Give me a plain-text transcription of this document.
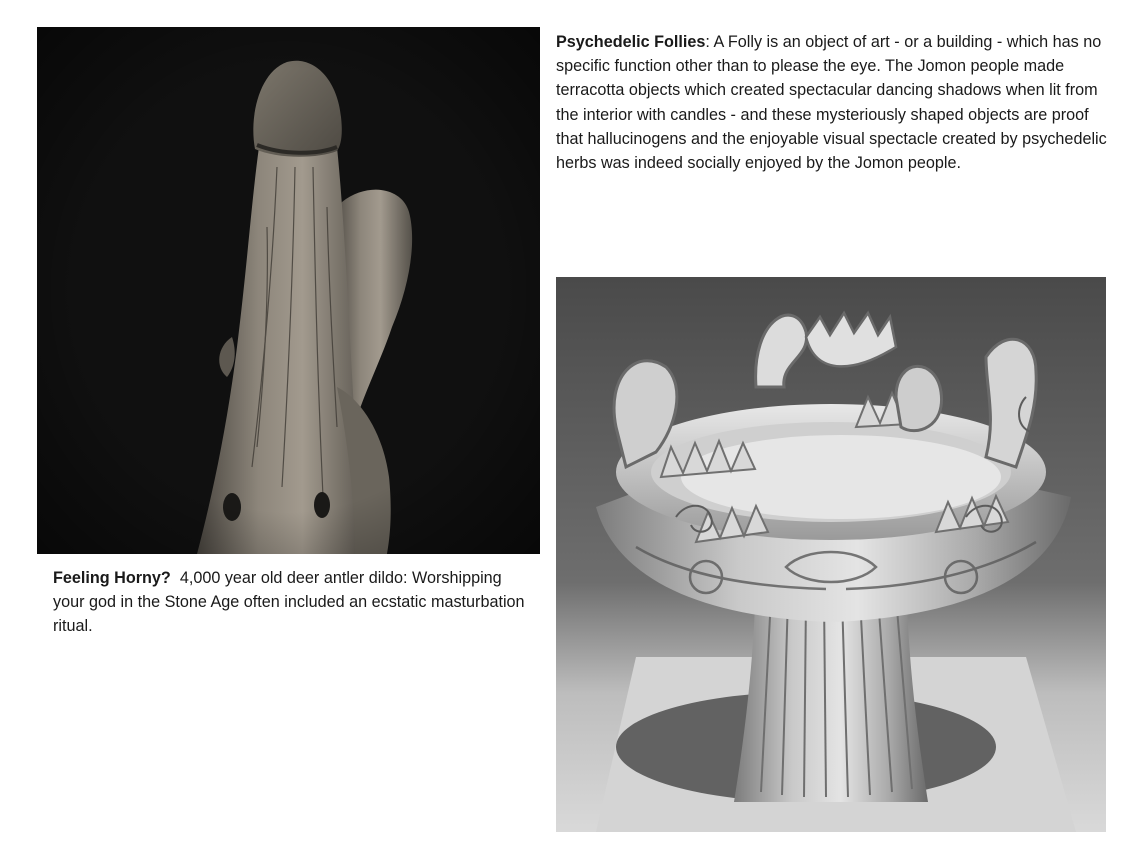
Feeling Horny? 4,000 year old deer antler dildo: Worshipping your god in the Stone Age often included an ecstatic masturbation ritual.

Psychedelic Follies: A Folly is an object of art - or a building - which has no specific function other than to please the eye. The Jomon people made terracotta objects which created spectacular dancing shadows when lit from the interior with candles - and these mysteriously shaped objects are proof that hallucinogens and the enjoyable visual spectacle created by psychedelic herbs was indeed socially enjoyed by the Jomon people.
